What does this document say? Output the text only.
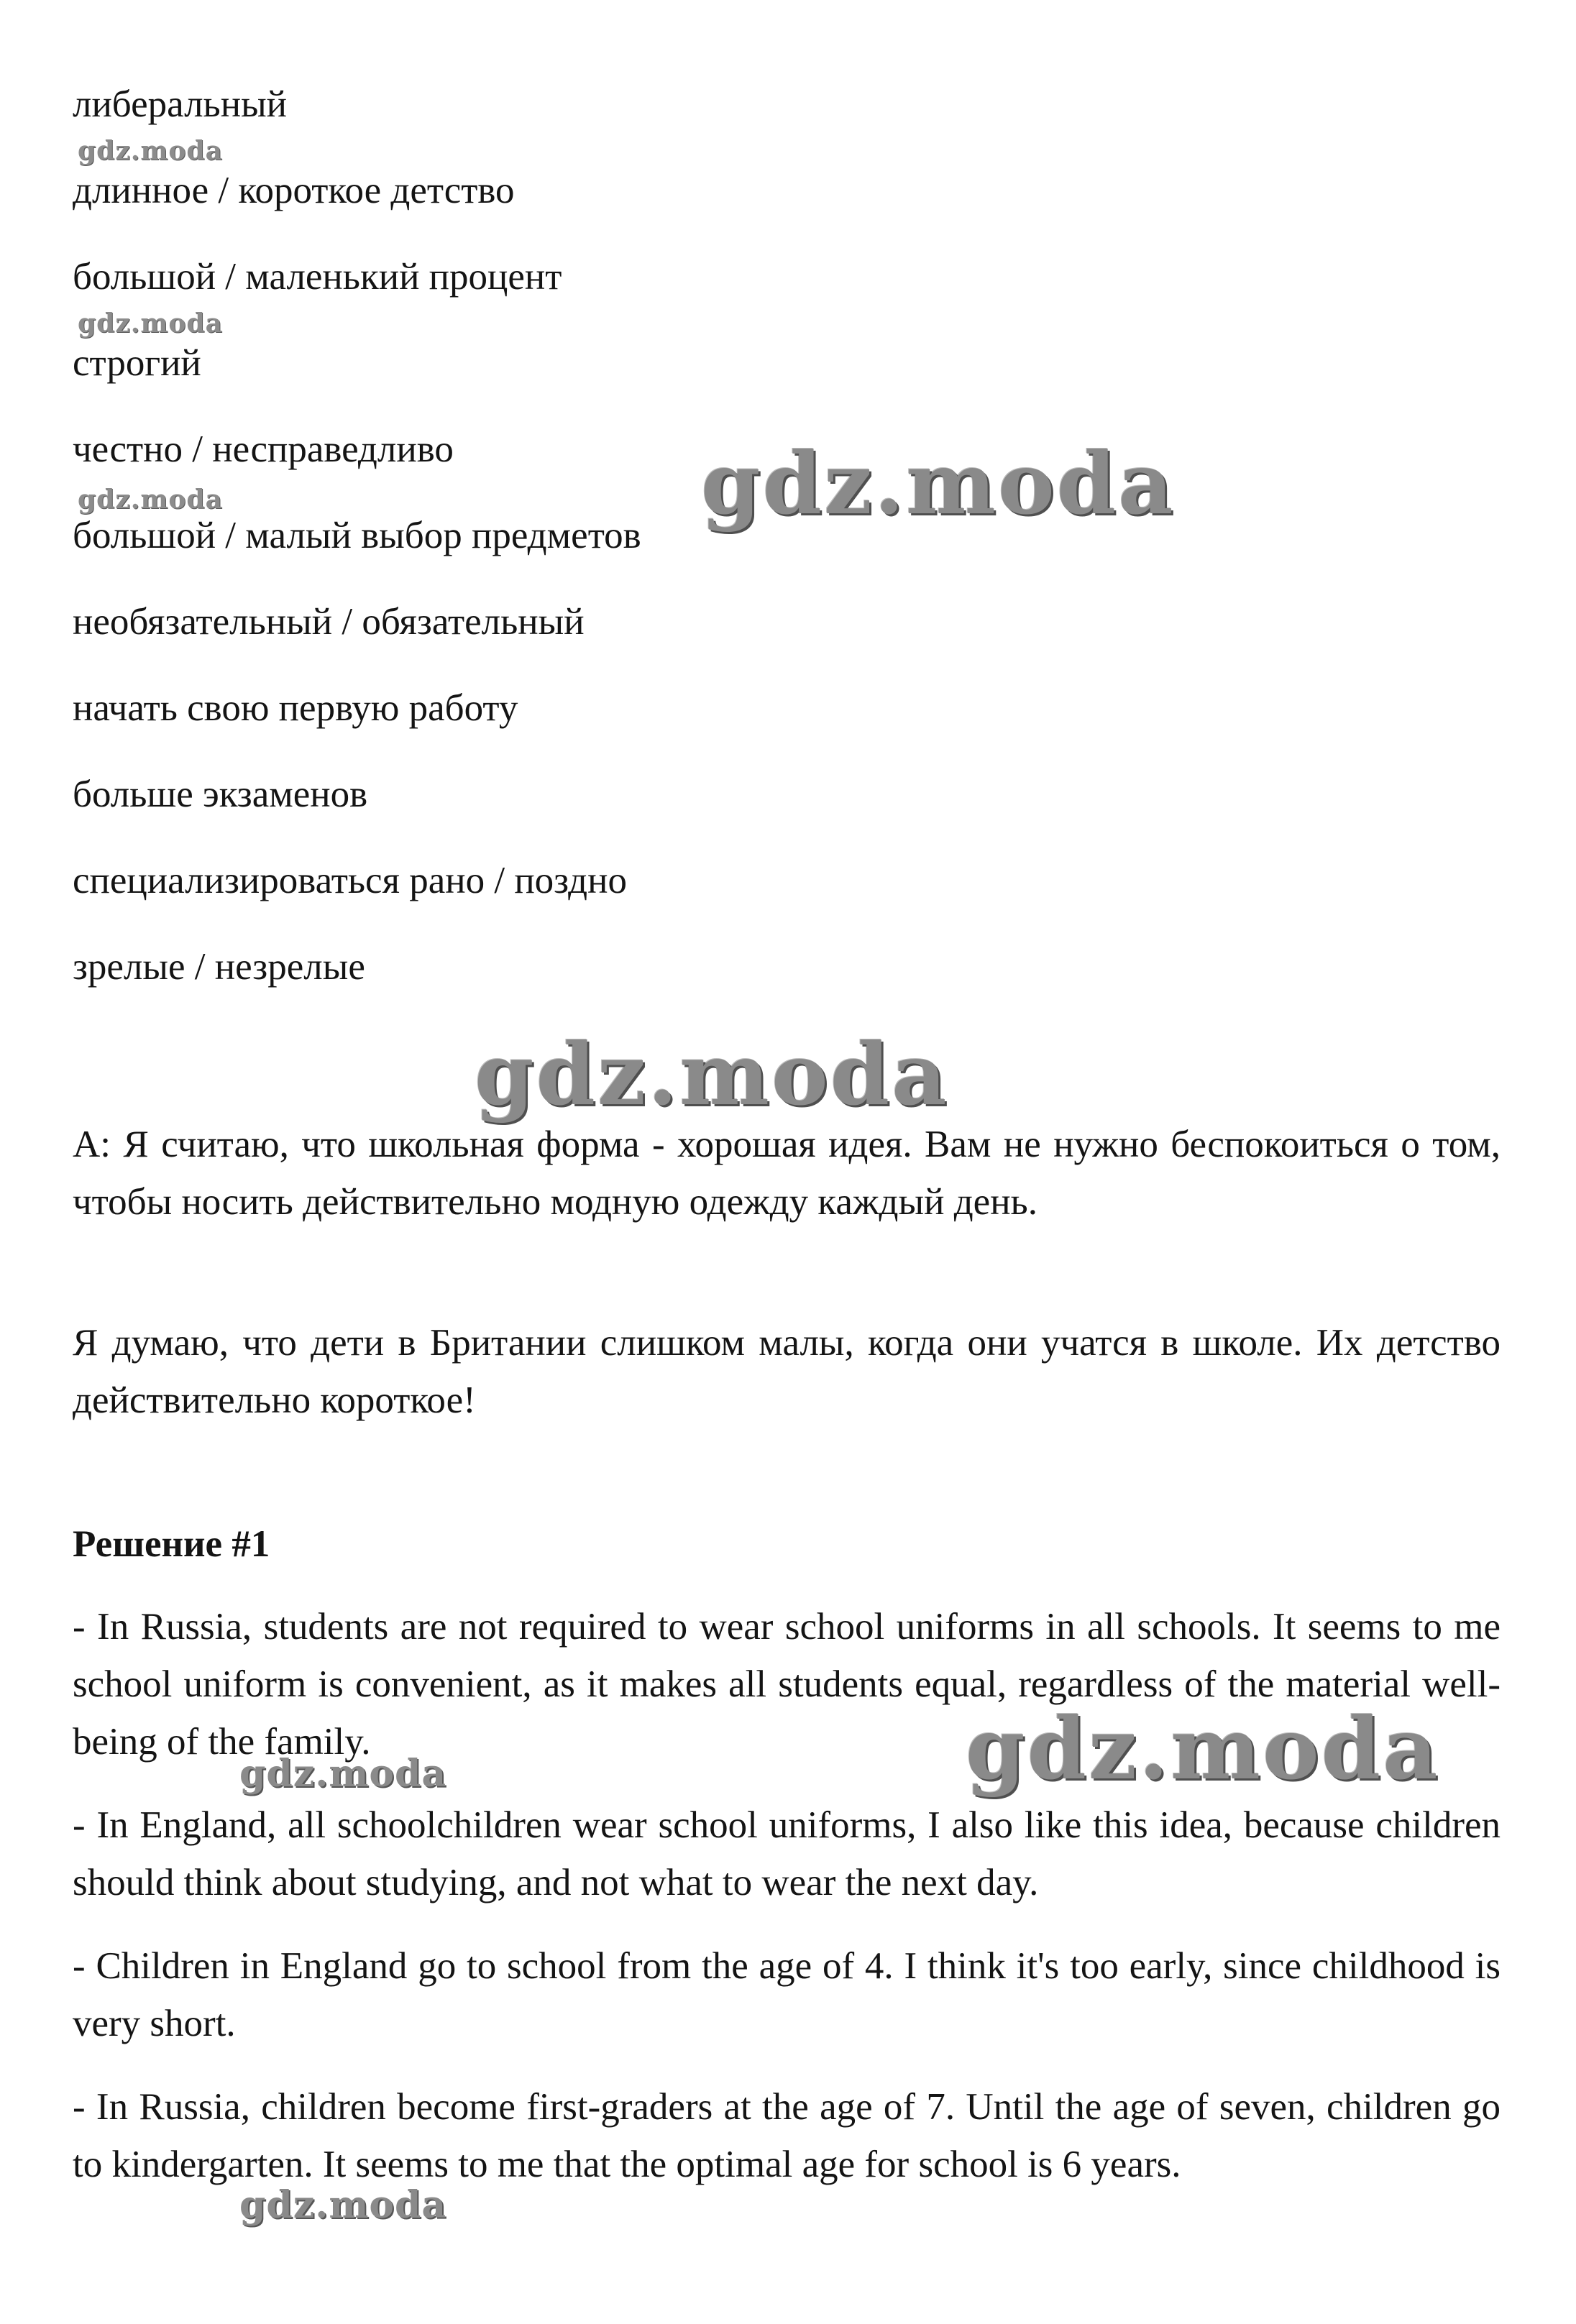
либеральный

длинное / короткое детство

большой / маленький процент

строгий

честно / несправедливо

большой / малый выбор предметов

необязательный / обязательный

начать свою первую работу

больше экзаменов

специализироваться рано / поздно

зрелые / незрелые

A: Я считаю, что школьная форма - хорошая идея. Вам не нужно беспокоиться о том, чтобы носить действительно модную одежду каждый день.

Я думаю, что дети в Британии слишком малы, когда они учатся в школе. Их детство действительно короткое!

Решение #1

- In Russia, students are not required to wear school uniforms in all schools. It seems to me school uniform is convenient, as it makes all students equal, regardless of the material well-being of the family.

- In England, all schoolchildren wear school uniforms, I also like this idea, because children should think about studying, and not what to wear the next day.

- Children in England go to school from the age of 4. I think it's too early, since childhood is very short.

- In Russia, children become first-graders at the age of 7. Until the age of seven, children go to kindergarten. It seems to me that the optimal age for school is 6 years.

gdz.moda
gdz.moda
gdz.moda	gdz.moda
gdz.moda
gdz.moda
gdz.moda
gdz.moda
